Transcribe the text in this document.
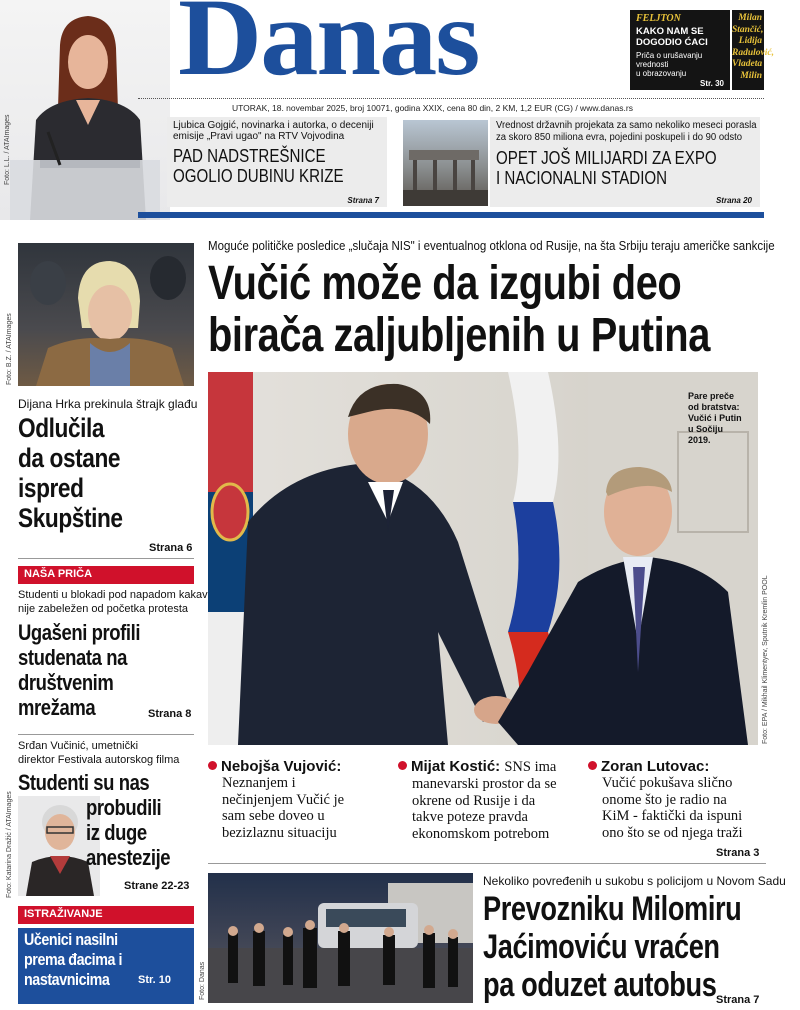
Foto: L.L. / ATAImages
Danas	FELJTON
KAKO NAM SE
DOGODIO ĆACI
Priča o urušavanju
vrednosti
u obrazovanju
Str. 30
Milan
Stančić,
Lidija
Radulović,
Vladeta
Milin
UTORAK, 18. novembar 2025, broj 10071, godina XXIX, cena 80 din, 2 KM, 1,2 EUR (CG) / www.danas.rs
Ljubica Gojgić, novinarka i autorka, o deceniji
emisije „Pravi ugao" na RTV Vojvodina
PAD NADSTREŠNICE
OGOLIO DUBINU KRIZE
Strana 7
Vrednost državnih projekata za samo nekoliko meseci porasla
za skoro 850 miliona evra, pojedini poskupeli i do 90 odsto
OPET JOŠ MILIJARDI ZA EXPO
I NACIONALNI STADION
Strana 20
Foto: B.Z. / ATAImages
Dijana Hrka prekinula štrajk glađu
Odlučila
da ostane
ispred
Skupštine
Strana 6
NAŠA PRIČA
Studenti u blokadi pod napadom kakav
nije zabeležen od početka protesta
Ugašeni profili
studenata na
društvenim
mrežama	Strana 8
Srđan Vučinić, umetnički
direktor Festivala autorskog filma
Foto: Katarina Dražić / ATAImages
Studenti su nas
probudili
iz duge
anestezije
Strane 22-23
ISTRAŽIVANJE
Učenici nasilni
prema đacima i
nastavnicima	Str. 10
Moguće političke posledice „slučaja NIS" i eventualnog otklona od Rusije, na šta Srbiju teraju američke sankcije
Vučić može da izgubi deo
birača zaljubljenih u Putina
Pare preče
od bratstva:
Vučić i Putin
u Sočiju 2019.
Foto: EPA / Mikhail Klimentyev, Sputnik Kremlin POOL
Nebojša Vujović:
Neznanjem i
nečinjenjem Vučić je
sam sebe doveo u
bezizlaznu situaciju
Mijat Kostić: SNS ima
manevarski prostor da se
okrene od Rusije i da
takve poteze pravda
ekonomskom potrebom
Zoran Lutovac:
Vučić pokušava slično
onome što je radio na
KiM - faktički da ispuni
ono što se od njega traži
Strana 3
Foto: Danas
Nekoliko povređenih u sukobu s policijom u Novom Sadu
Prevozniku Milomiru
Jaćimoviću vraćen
pa oduzet autobus Strana 7
